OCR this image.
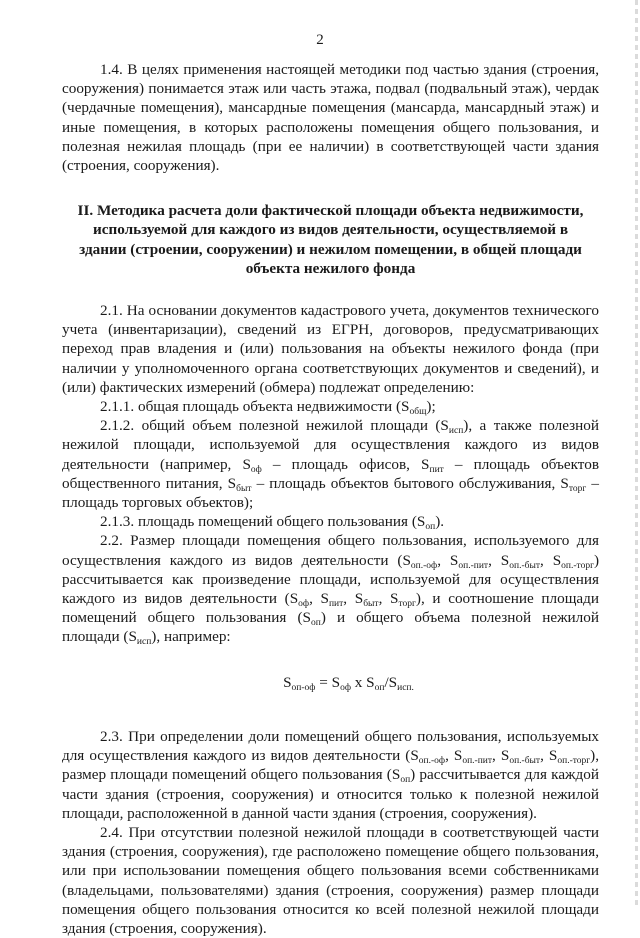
2

1.4. В целях применения настоящей методики под частью здания (строения, сооружения) понимается этаж или часть этажа, подвал (подвальный этаж), чердак (чердачные помещения), мансардные помещения (мансарда, мансардный этаж) и иные помещения, в которых расположены помещения общего пользования, и полезная нежилая площадь (при ее наличии) в соответствующей части здания (строения, сооружения).

II. Методика расчета доли фактической площади объекта недвижимости, используемой для каждого из видов деятельности, осуществляемой в здании (строении, сооружении) и нежилом помещении, в общей площади объекта нежилого фонда

2.1. На основании документов кадастрового учета, документов технического учета (инвентаризации), сведений из ЕГРН, договоров, предусматривающих переход прав владения и (или) пользования на объекты нежилого фонда (при наличии у уполномоченного органа соответствующих документов и сведений), и (или) фактических измерений (обмера) подлежат определению:

2.1.1. общая площадь объекта недвижимости $(S_{общ})$;

2.1.2. общий объем полезной нежилой площади $(S_{исп})$, а также полезной нежилой площади, используемой для осуществления каждого из видов деятельности (например, $S_{оф}$ – площадь офисов, $S_{пит}$ – площадь объектов общественного питания, $S_{быт}$ – площадь объектов бытового обслуживания, $S_{торг}$ – площадь торговых объектов);

2.1.3. площадь помещений общего пользования $(S_{оп})$.

2.2. Размер площади помещения общего пользования, используемого для осуществления каждого из видов деятельности ($S_{оп.-оф}$, $S_{оп.-пит}$, $S_{оп.-быт}$, $S_{оп.-торг}$) рассчитывается как произведение площади, используемой для осуществления каждого из видов деятельности ($S_{оф}$, $S_{пит}$, $S_{быт}$, $S_{торг}$), и соотношение площади помещений общего пользования $(S_{оп})$ и общего объема полезной нежилой площади $(S_{исп})$, например:

$S_{оп-оф} = S_{оф}$ x $S_{оп}/S_{исп.}$

2.3. При определении доли помещений общего пользования, используемых для осуществления каждого из видов деятельности ($S_{оп.-оф}$, $S_{оп.-пит}$, $S_{оп.-быт}$, $S_{оп.-торг}$), размер площади помещений общего пользования $(S_{оп})$ рассчитывается для каждой части здания (строения, сооружения) и относится только к полезной нежилой площади, расположенной в данной части здания (строения, сооружения).

2.4. При отсутствии полезной нежилой площади в соответствующей части здания (строения, сооружения), где расположено помещение общего пользования, или при использовании помещения общего пользования всеми собственниками (владельцами, пользователями) здания (строения, сооружения) размер площади помещения общего пользования относится ко всей полезной нежилой площади здания (строения, сооружения).
